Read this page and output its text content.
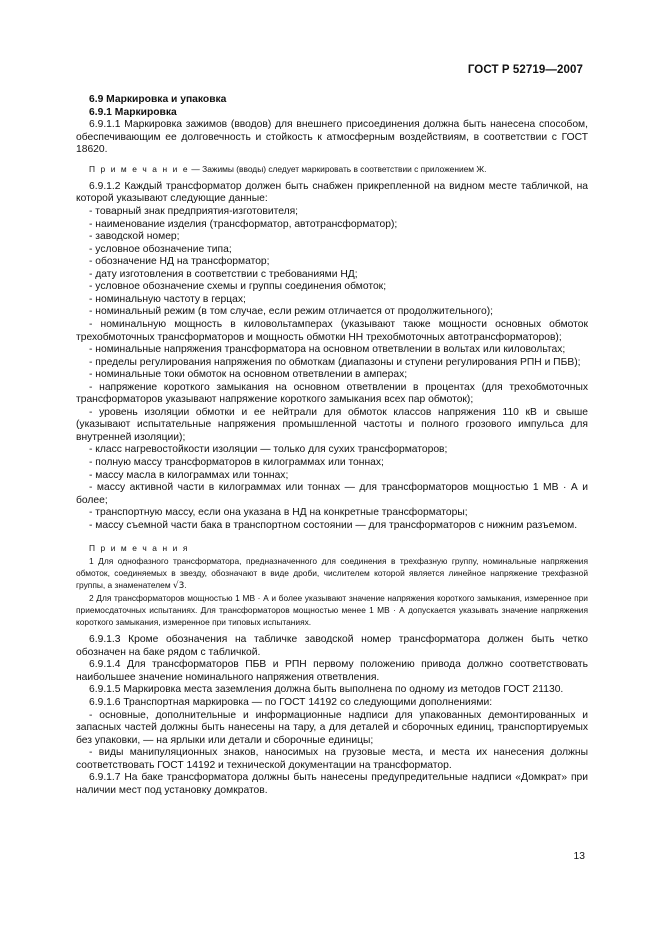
ГОСТ Р 52719—2007

6.9 Маркировка и упаковка

6.9.1 Маркировка

6.9.1.1 Маркировка зажимов (вводов) для внешнего присоединения должна быть нанесена способом, обеспечивающим ее долговечность и стойкость к атмосферным воздействиям, в соответствии с ГОСТ 18620.

П р и м е ч а н и е — Зажимы (вводы) следует маркировать в соответствии с приложением Ж.

6.9.1.2 Каждый трансформатор должен быть снабжен прикрепленной на видном месте табличкой, на которой указывают следующие данные:

- товарный знак предприятия-изготовителя;

- наименование изделия (трансформатор, автотрансформатор);

- заводской номер;

- условное обозначение типа;

- обозначение НД на трансформатор;

- дату изготовления в соответствии с требованиями НД;

- условное обозначение схемы и группы соединения обмоток;

- номинальную частоту в герцах;

- номинальный режим (в том случае, если режим отличается от продолжительного);

- номинальную мощность в киловольтамперах (указывают также мощности основных обмоток трехобмоточных трансформаторов и мощность обмотки НН трехобмоточных автотрансформаторов);

- номинальные напряжения трансформатора на основном ответвлении в вольтах или киловольтах;

- пределы регулирования напряжения по обмоткам (диапазоны и ступени регулирования РПН и ПБВ);

- номинальные токи обмоток на основном ответвлении в амперах;

- напряжение короткого замыкания на основном ответвлении в процентах (для трехобмоточных трансформаторов указывают напряжение короткого замыкания всех пар обмоток);

- уровень изоляции обмотки и ее нейтрали для обмоток классов напряжения 110 кВ и свыше (указывают испытательные напряжения промышленной частоты и полного грозового импульса для внутренней изоляции);

- класс нагревостойкости изоляции — только для сухих трансформаторов;

- полную массу трансформаторов в килограммах или тоннах;

- массу масла в килограммах или тоннах;

- массу активной части в килограммах или тоннах — для трансформаторов мощностью 1 МВ · А и более;

- транспортную массу, если она указана в НД на конкретные трансформаторы;

- массу съемной части бака в транспортном состоянии — для трансформаторов с нижним разъемом.

П р и м е ч а н и я

1 Для однофазного трансформатора, предназначенного для соединения в трехфазную группу, номинальные напряжения обмоток, соединяемых в звезду, обозначают в виде дроби, числителем которой является линейное напряжение трехфазной группы, а знаменателем √3.

2 Для трансформаторов мощностью 1 МВ · А и более указывают значение напряжения короткого замыкания, измеренное при приемосдаточных испытаниях. Для трансформаторов мощностью менее 1 МВ · А допускается указывать значение напряжения короткого замыкания, измеренное при типовых испытаниях.

6.9.1.3 Кроме обозначения на табличке заводской номер трансформатора должен быть четко обозначен на баке рядом с табличкой.

6.9.1.4 Для трансформаторов ПБВ и РПН первому положению привода должно соответствовать наибольшее значение номинального напряжения ответвления.

6.9.1.5 Маркировка места заземления должна быть выполнена по одному из методов ГОСТ 21130.

6.9.1.6 Транспортная маркировка — по ГОСТ 14192 со следующими дополнениями:

- основные, дополнительные и информационные надписи для упакованных демонтированных и запасных частей должны быть нанесены на тару, а для деталей и сборочных единиц, транспортируемых без упаковки, — на ярлыки или детали и сборочные единицы;

- виды манипуляционных знаков, наносимых на грузовые места, и места их нанесения должны соответствовать ГОСТ 14192 и технической документации на трансформатор.

6.9.1.7 На баке трансформатора должны быть нанесены предупредительные надписи «Домкрат» при наличии мест под установку домкратов.

13
